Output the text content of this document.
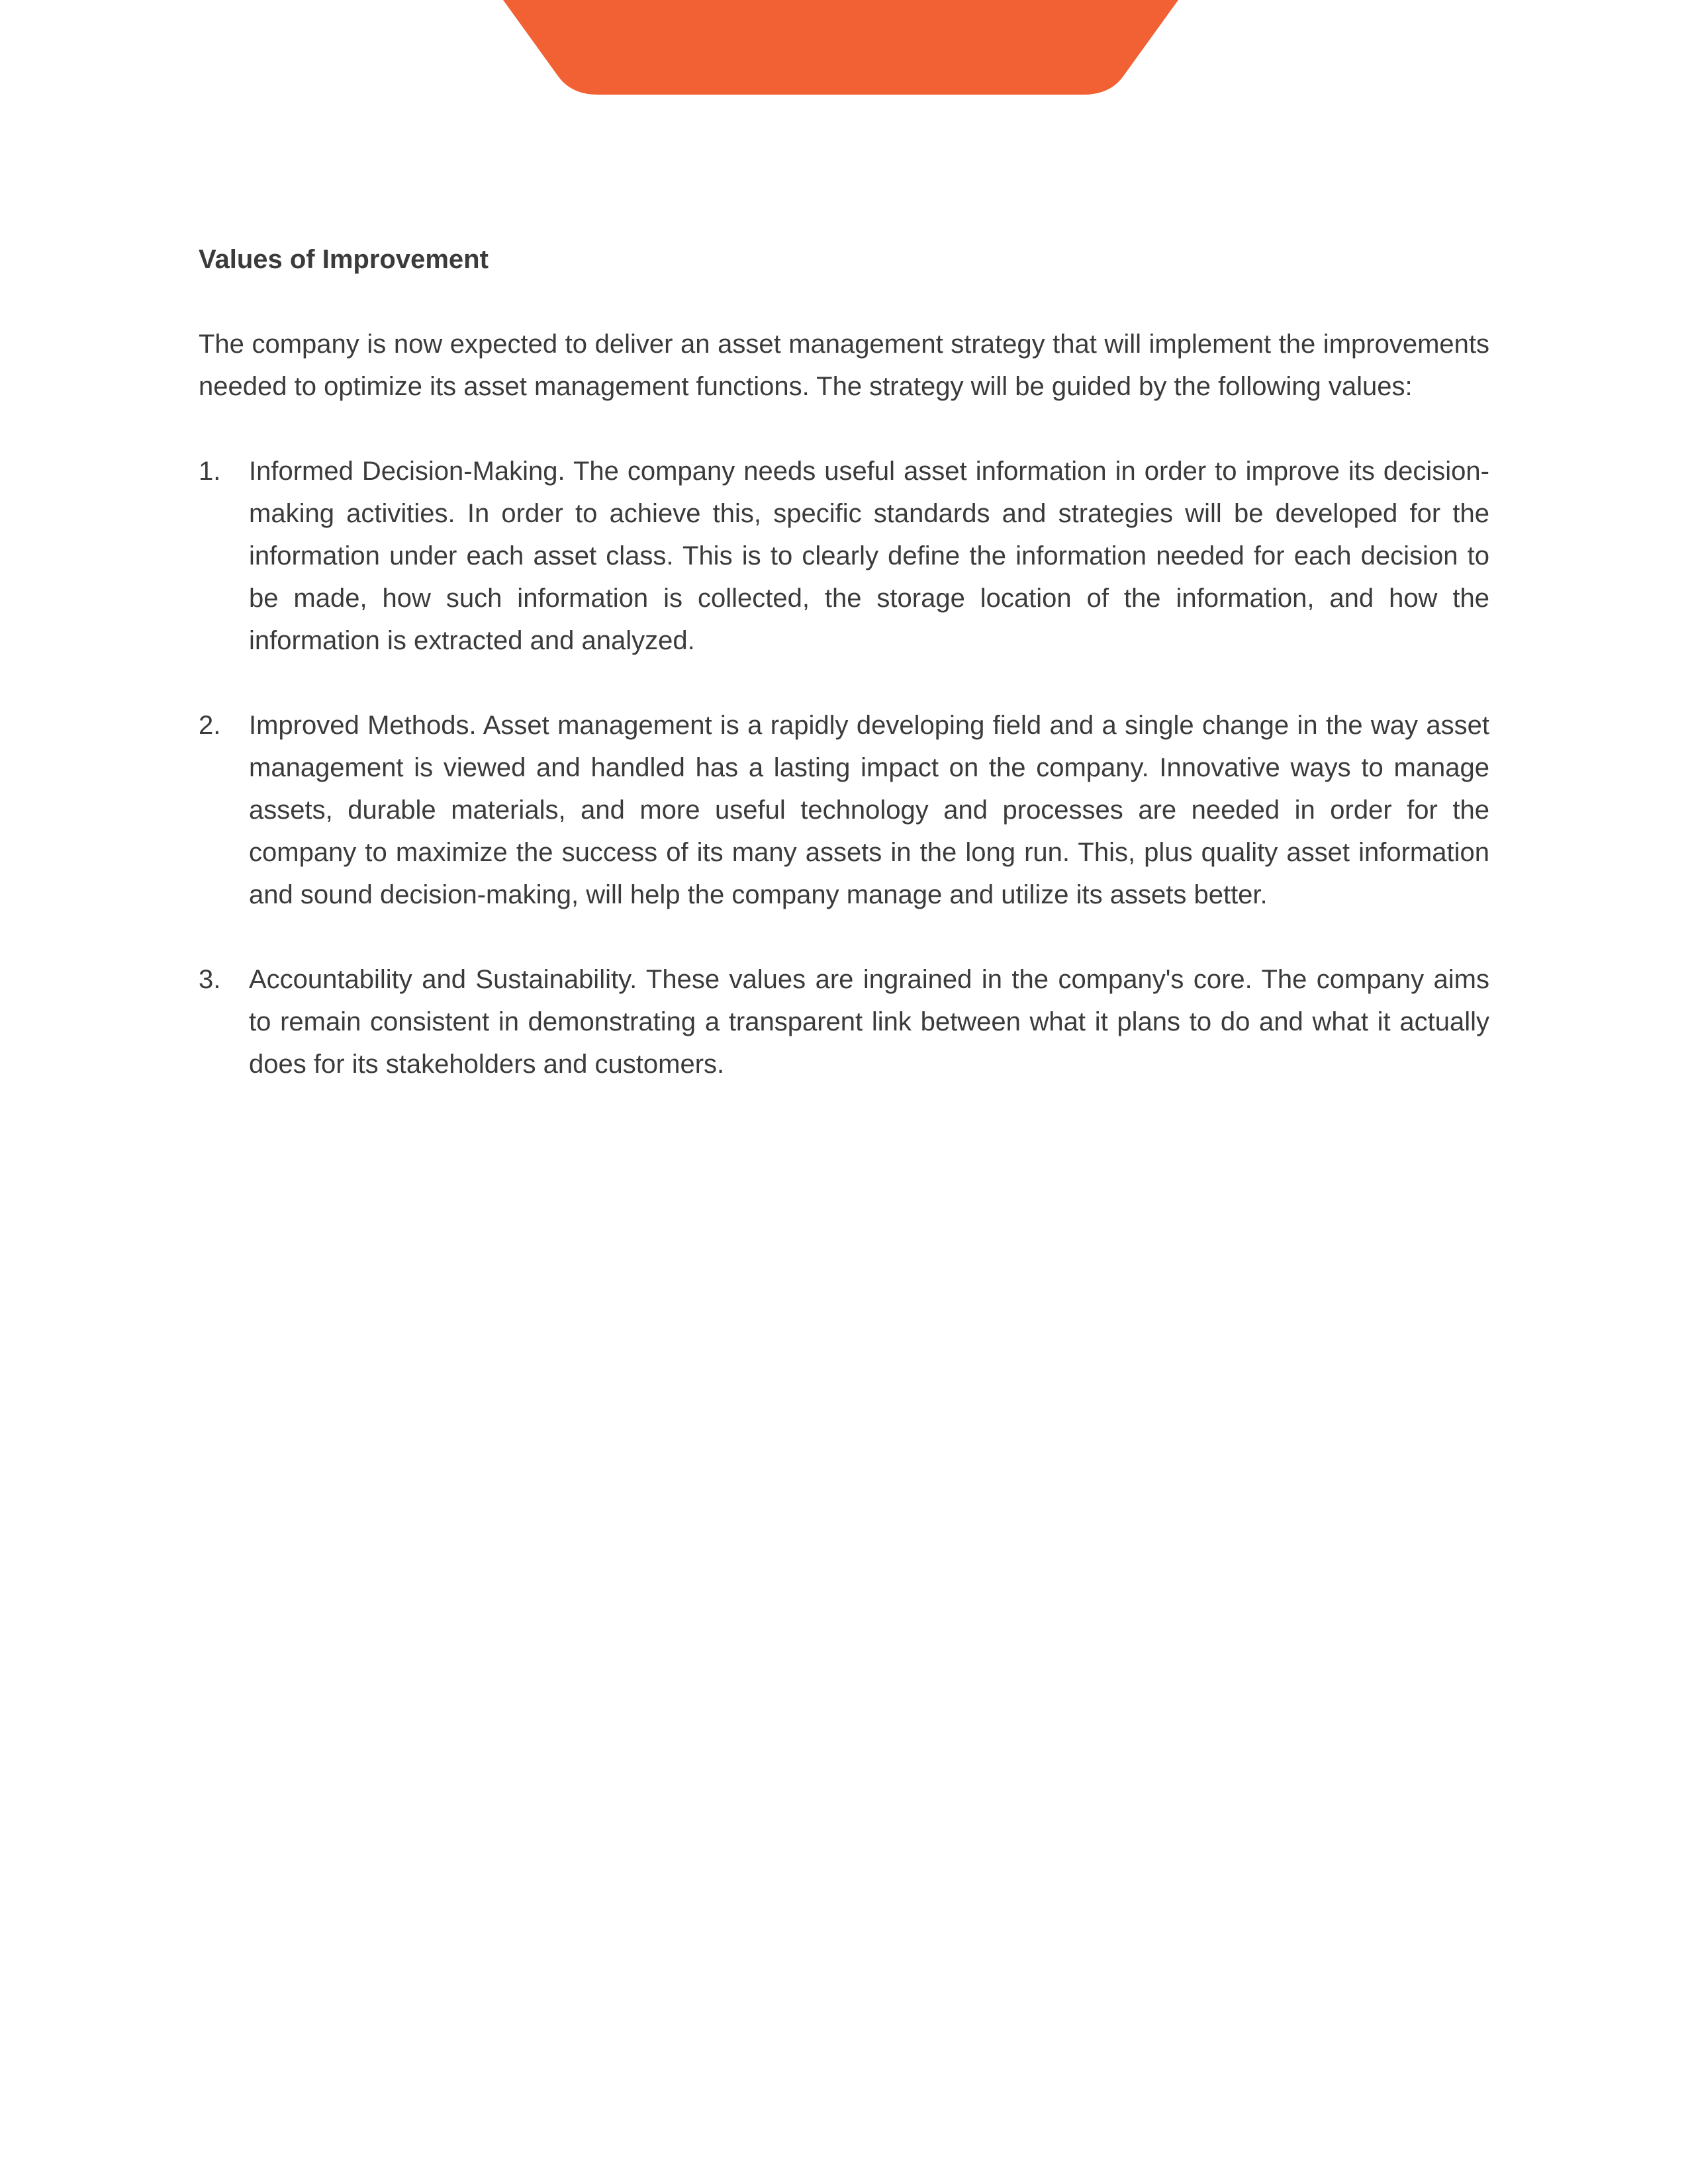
Values of Improvement

The company is now expected to deliver an asset management strategy that will implement the improvements needed to optimize its asset management functions. The strategy will be guided by the following values:

1. Informed Decision-Making. The company needs useful asset information in order to improve its decision-making activities. In order to achieve this, specific standards and strategies will be developed for the information under each asset class. This is to clearly define the information needed for each decision to be made, how such information is collected, the storage location of the information, and how the information is extracted and analyzed.
2. Improved Methods. Asset management is a rapidly developing field and a single change in the way asset management is viewed and handled has a lasting impact on the company. Innovative ways to manage assets, durable materials, and more useful technology and processes are needed in order for the company to maximize the success of its many assets in the long run. This, plus quality asset information and sound decision-making, will help the company manage and utilize its assets better.
3. Accountability and Sustainability. These values are ingrained in the company's core. The company aims to remain consistent in demonstrating a transparent link between what it plans to do and what it actually does for its stakeholders and customers.
